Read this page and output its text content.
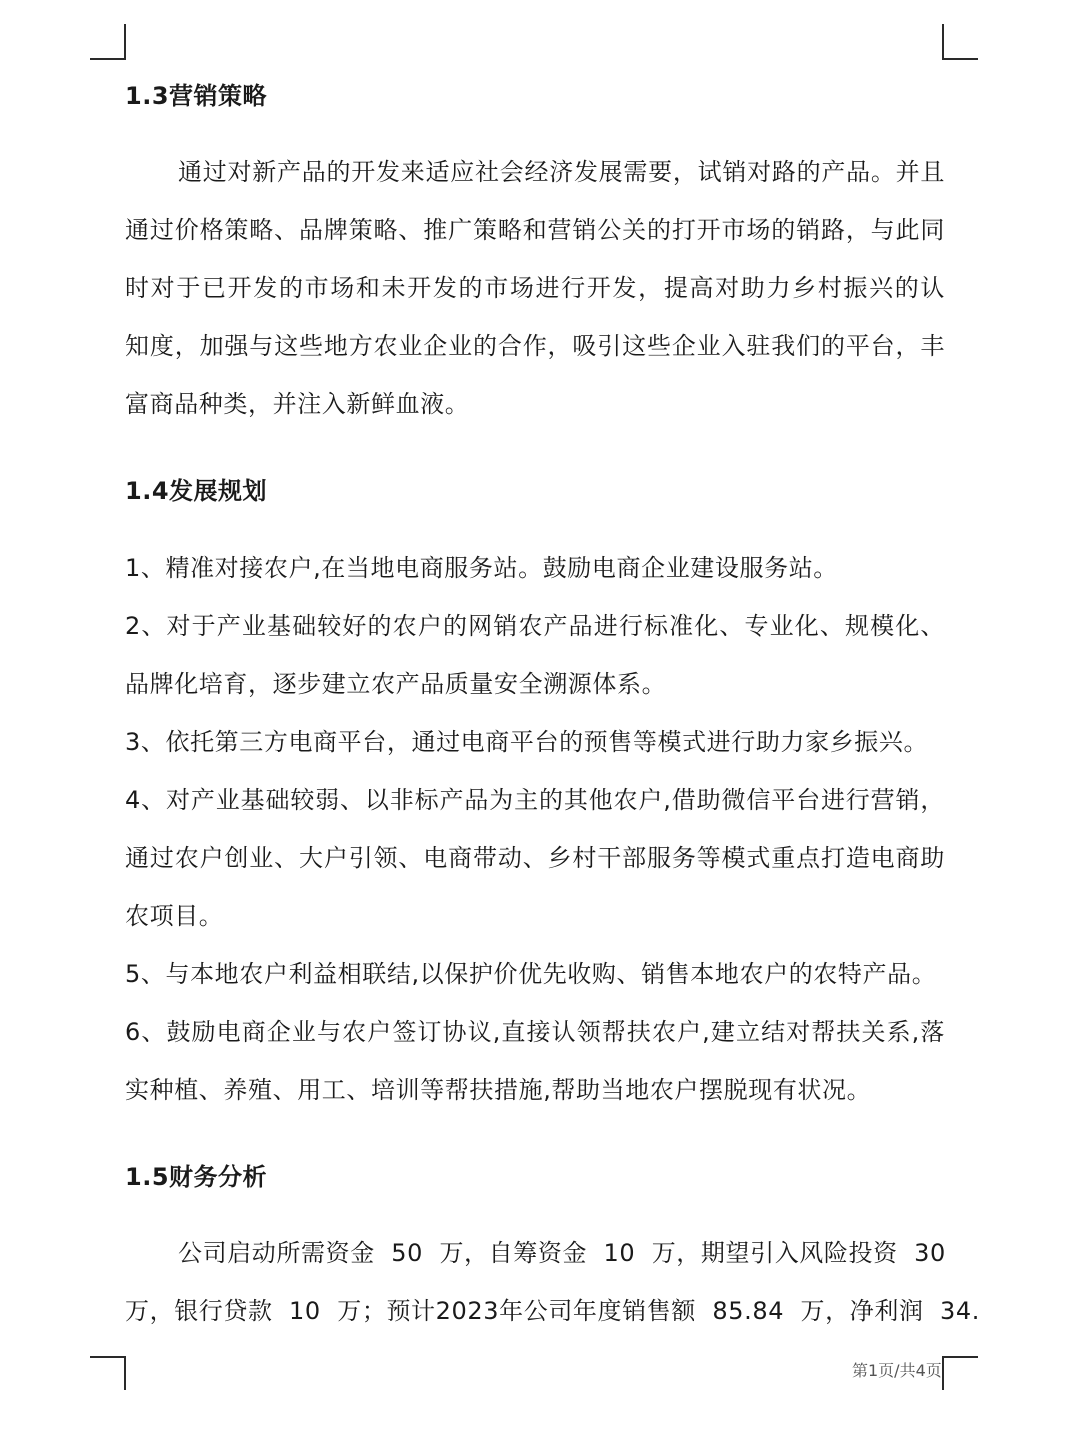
1.3营销策略
通过对新产品的开发来适应社会经济发展需要，试销对路的产品。并且
通过价格策略、品牌策略、推广策略和营销公关的打开市场的销路，与此同
时对于已开发的市场和未开发的市场进行开发，提高对助力乡村振兴的认
知度，加强与这些地方农业企业的合作，吸引这些企业入驻我们的平台，丰
富商品种类，并注入新鲜血液。
1.4发展规划
1、精准对接农户,在当地电商服务站。鼓励电商企业建设服务站。
2、对于产业基础较好的农户的网销农产品进行标准化、专业化、规模化、
品牌化培育，逐步建立农产品质量安全溯源体系。
3、依托第三方电商平台，通过电商平台的预售等模式进行助力家乡振兴。
4、对产业基础较弱、以非标产品为主的其他农户,借助微信平台进行营销，
通过农户创业、大户引领、电商带动、乡村干部服务等模式重点打造电商助
农项目。
5、与本地农户利益相联结,以保护价优先收购、销售本地农户的农特产品。
6、鼓励电商企业与农户签订协议,直接认领帮扶农户,建立结对帮扶关系,落
实种植、养殖、用工、培训等帮扶措施,帮助当地农户摆脱现有状况。
1.5财务分析
公司启动所需资金  50  万，自筹资金  10  万，期望引入风险投资  30
万，银行贷款  10  万；预计2023年公司年度销售额  85.84  万，净利润  34.
第1页/共4页
